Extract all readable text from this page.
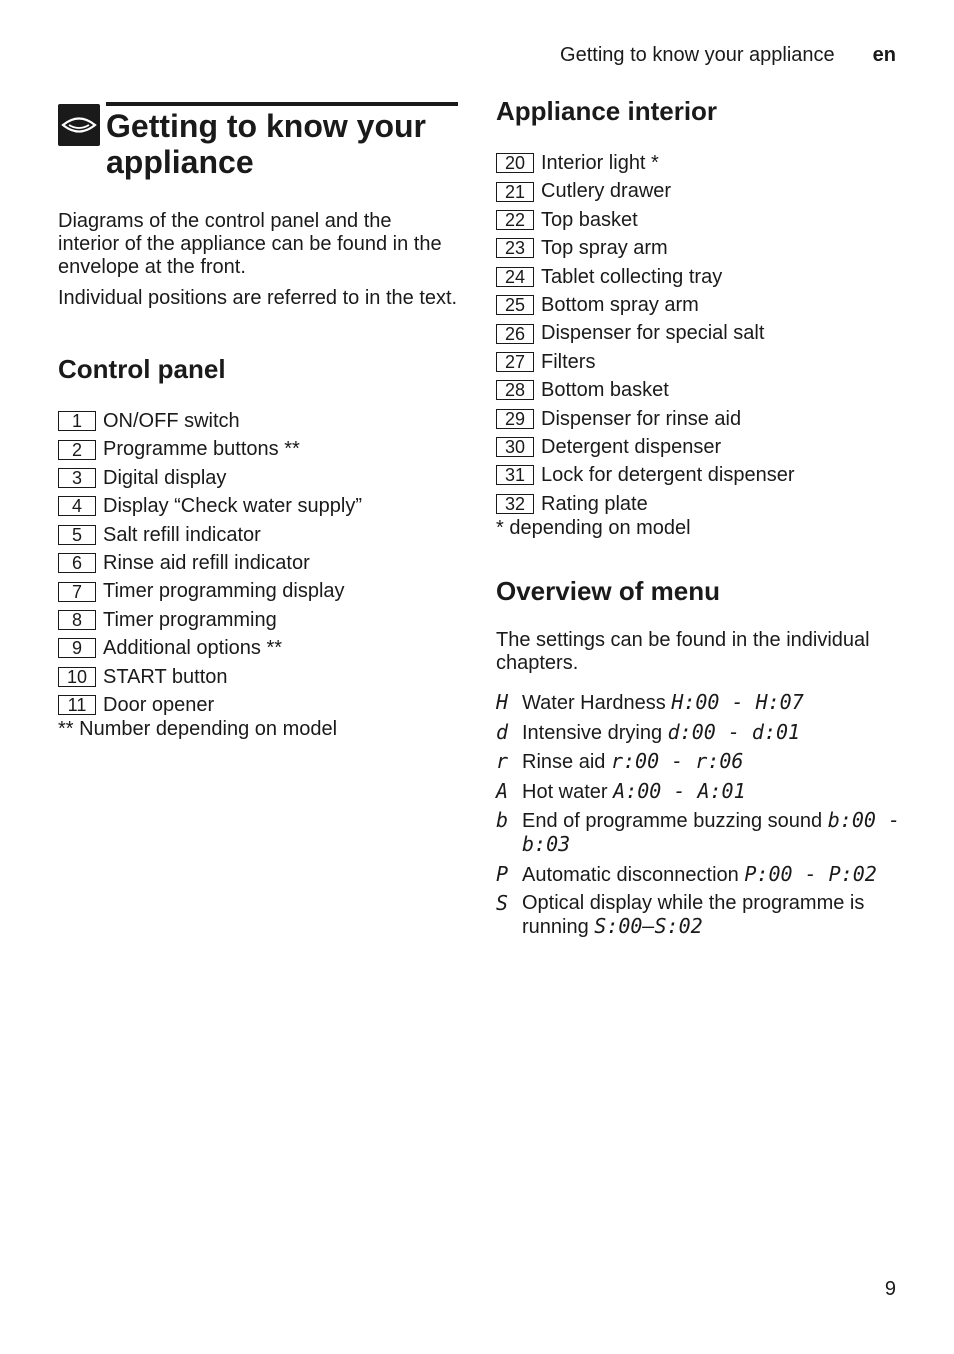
Getting to know your appliance en
Getting to know your appliance

Diagrams of the control panel and the interior of the appliance can be found in the envelope at the front.

Individual positions are referred to in the text.

Control panel
1	ON/OFF switch
2	Programme buttons **
3	Digital display
4	Display “Check water supply”
5	Salt refill indicator
6	Rinse aid refill indicator
7	Timer programming display
8	Timer programming
9	Additional options **
10 START button
11 Door opener

** Number depending on model

Appliance interior
20 Interior light *
21 Cutlery drawer
22 Top basket
23 Top spray arm
24 Tablet collecting tray
25 Bottom spray arm
26 Dispenser for special salt
27 Filters
28 Bottom basket
29 Dispenser for rinse aid
30 Detergent dispenser
31 Lock for detergent dispenser
32 Rating plate

* depending on model

Overview of menu

The settings can be found in the individual chapters.

H Water Hardness H:00 - H:07
d Intensive drying d:00 - d:01
r Rinse aid r:00 - r:06
A Hot water A:00 - A:01
b End of programme buzzing sound b:00 - b:03
P Automatic disconnection P:00 - P:02
S Optical display while the programme is running S:00–S:02
9
